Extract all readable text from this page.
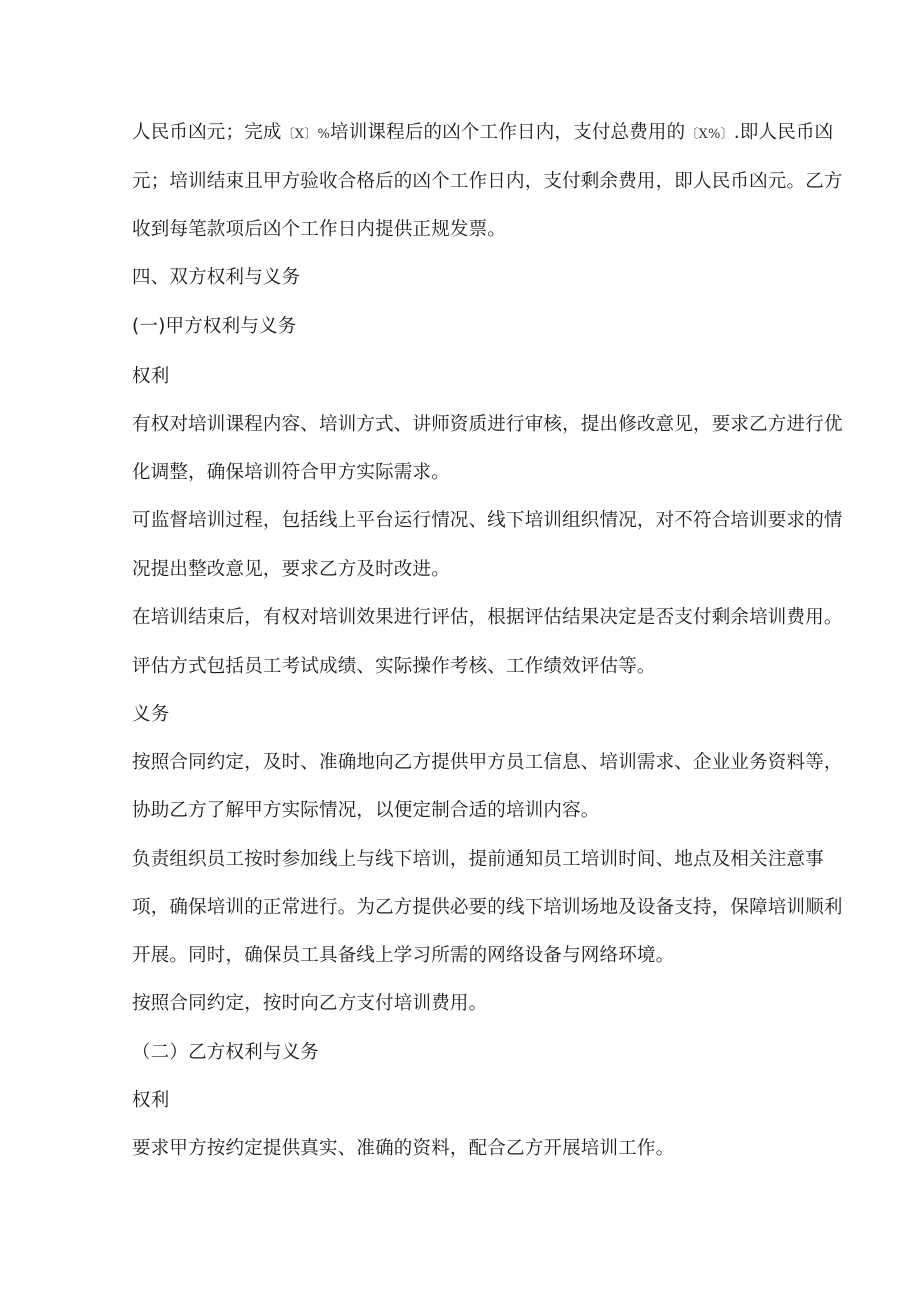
人民币凶元；完成〔X〕%培训课程后的凶个工作日内，支付总费用的〔X%〕.即人民币凶
元；培训结束且甲方验收合格后的凶个工作日内，支付剩余费用，即人民币凶元。乙方
收到每笔款项后凶个工作日内提供正规发票。
四、双方权利与义务
(一)甲方权利与义务
权利
有权对培训课程内容、培训方式、讲师资质进行审核，提出修改意见，要求乙方进行优
化调整，确保培训符合甲方实际需求。
可监督培训过程，包括线上平台运行情况、线下培训组织情况，对不符合培训要求的情
况提出整改意见，要求乙方及时改进。
在培训结束后，有权对培训效果进行评估，根据评估结果决定是否支付剩余培训费用。
评估方式包括员工考试成绩、实际操作考核、工作绩效评估等。
义务
按照合同约定，及时、准确地向乙方提供甲方员工信息、培训需求、企业业务资料等，
协助乙方了解甲方实际情况，以便定制合适的培训内容。
负责组织员工按时参加线上与线下培训，提前通知员工培训时间、地点及相关注意事
项，确保培训的正常进行。为乙方提供必要的线下培训场地及设备支持，保障培训顺利
开展。同时，确保员工具备线上学习所需的网络设备与网络环境。
按照合同约定，按时向乙方支付培训费用。
（二）乙方权利与义务
权利
要求甲方按约定提供真实、准确的资料，配合乙方开展培训工作。
